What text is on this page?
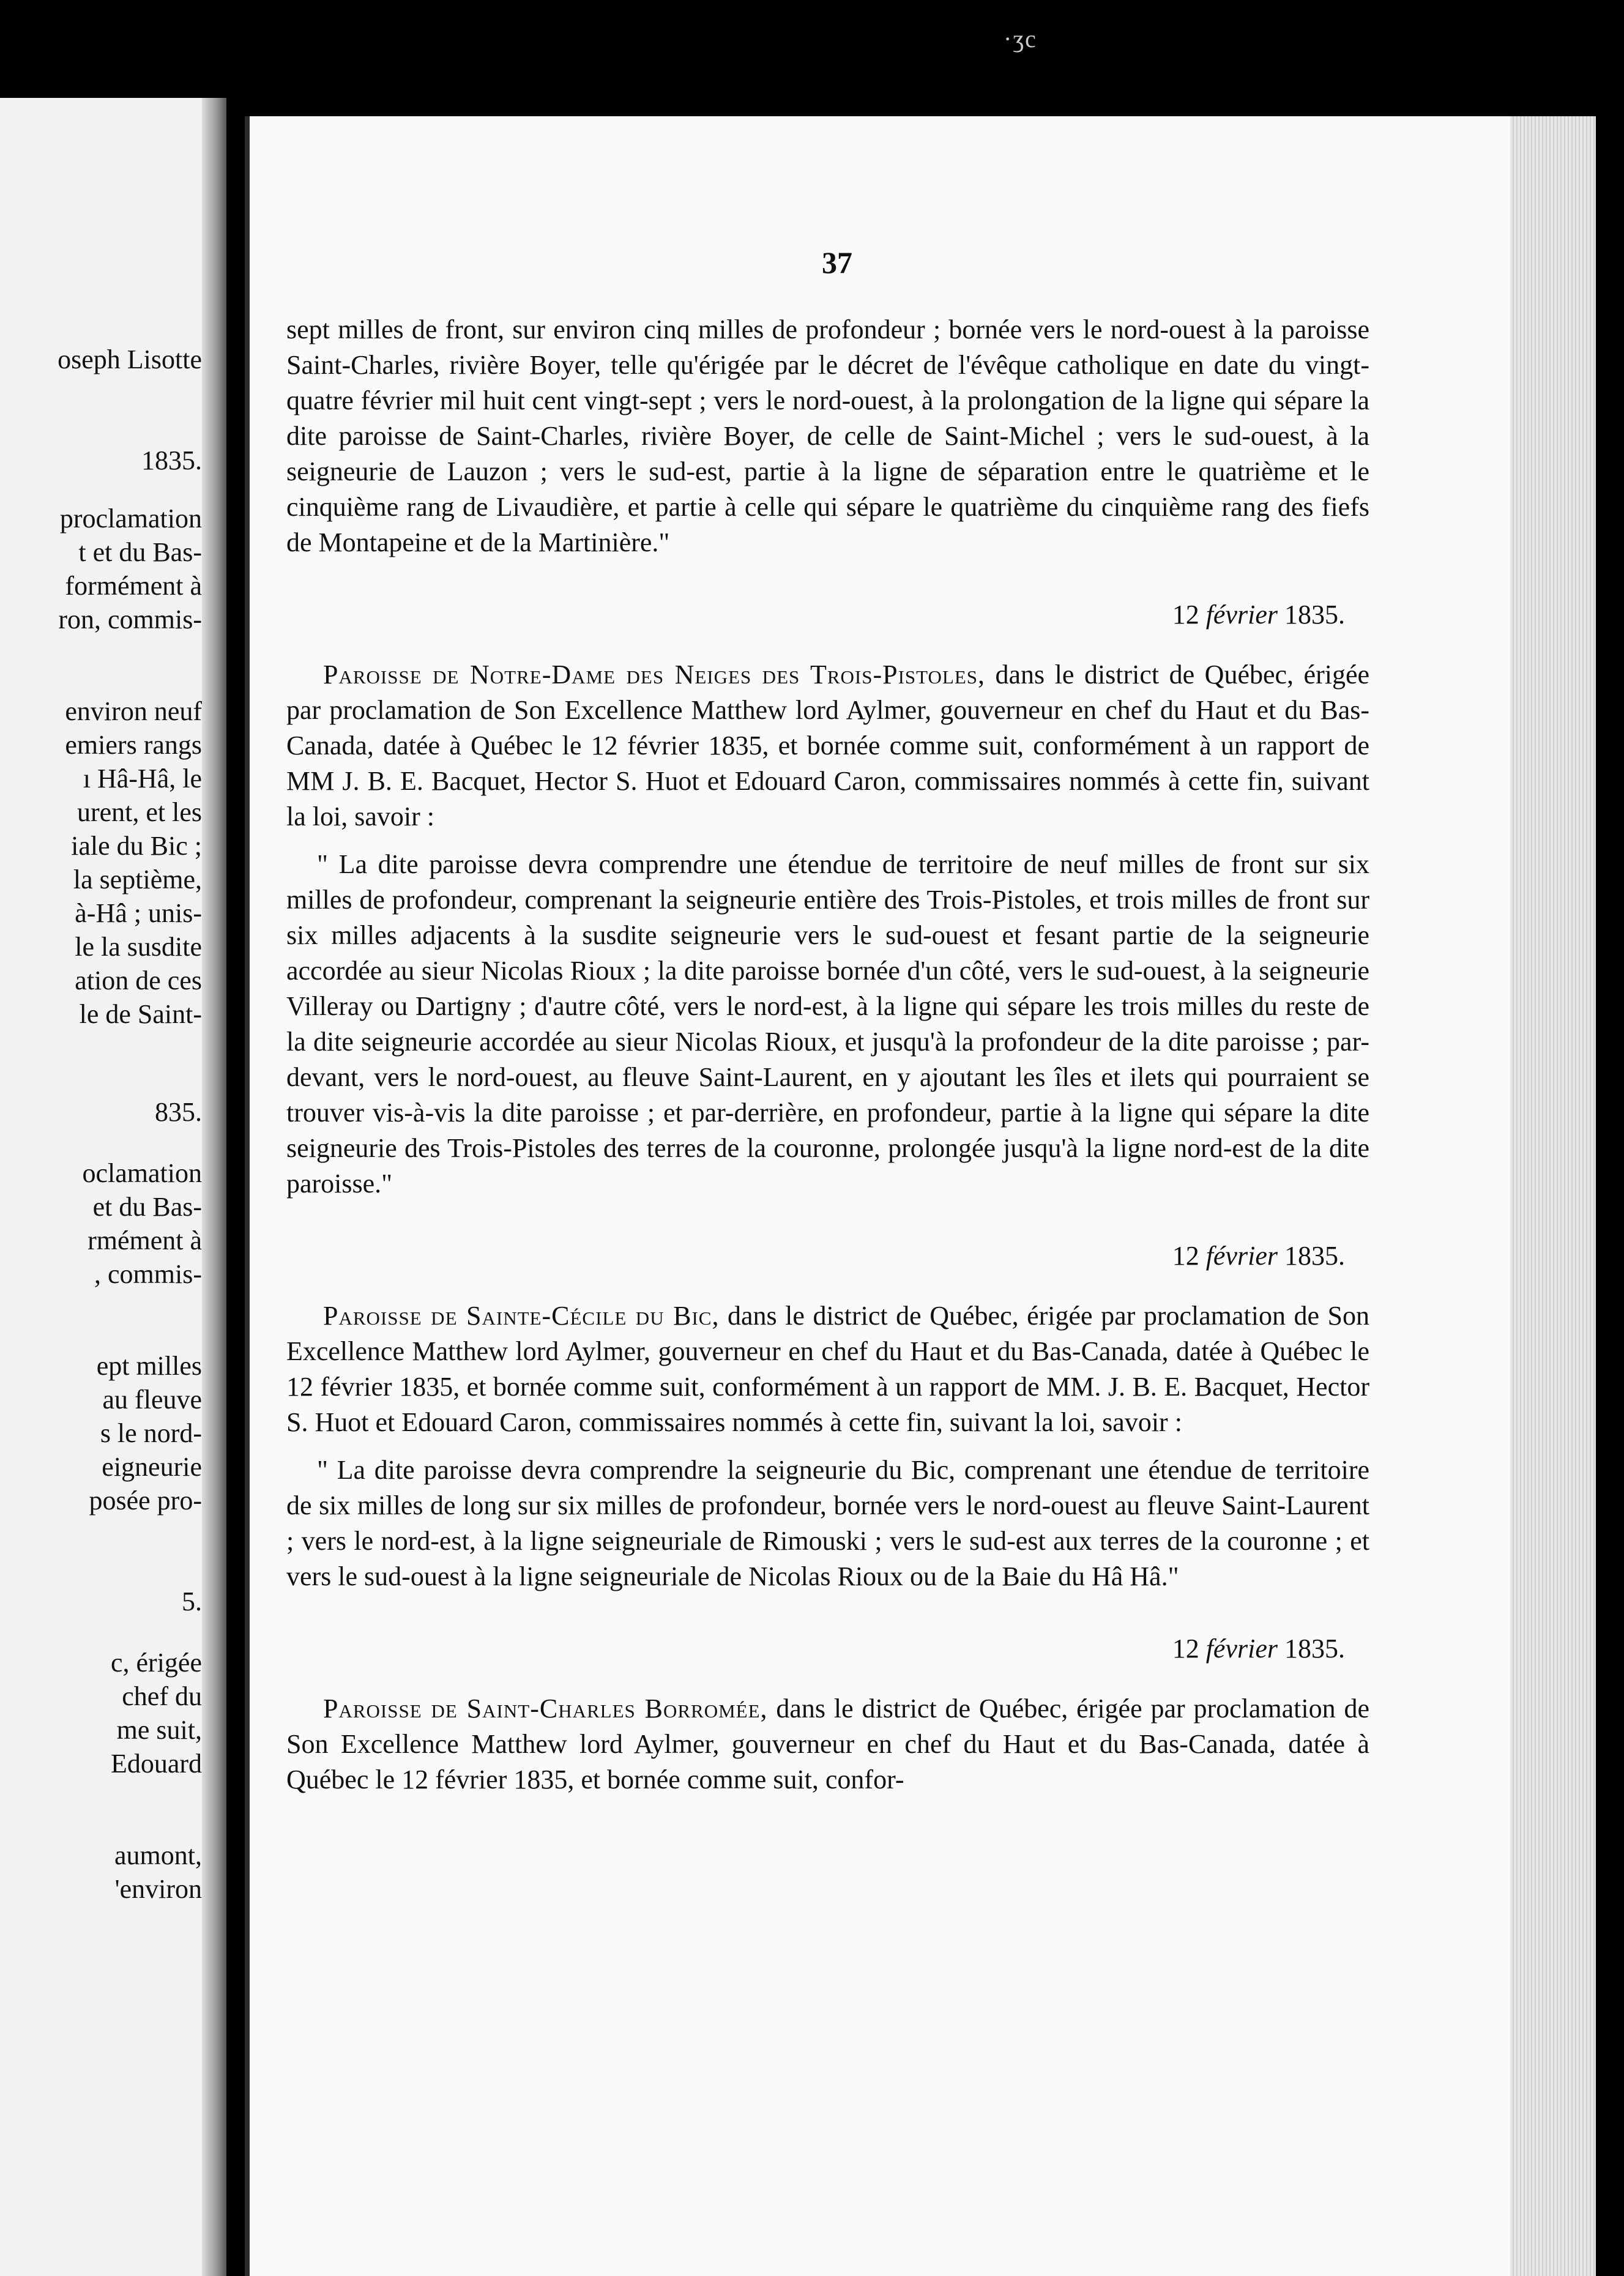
·ʒc
oseph Lisotte
1835.
proclamation
t et du Bas-
formément à
ron, commis-
environ neuf
emiers rangs
ı Hâ-Hâ, le
urent, et les
iale du Bic ;
la septième,
à-Hâ ; unis-
le la susdite
ation de ces
le de Saint-
835.
oclamation
et du Bas-
rmément à
, commis-
ept milles
au fleuve
s le nord-
eigneurie
posée pro-
5.
c, érigée
chef du
me suit,
Edouard
aumont,
'environ
37

sept milles de front, sur environ cinq milles de profondeur ; bornée vers le nord-ouest à la paroisse Saint-Charles, rivière Boyer, telle qu'érigée par le décret de l'évêque catholique en date du vingt-quatre février mil huit cent vingt-sept ; vers le nord-ouest, à la prolongation de la ligne qui sépare la dite paroisse de Saint-Charles, rivière Boyer, de celle de Saint-Michel ; vers le sud-ouest, à la seigneurie de Lauzon ; vers le sud-est, partie à la ligne de séparation entre le quatrième et le cinquième rang de Livaudière, et partie à celle qui sépare le quatrième du cinquième rang des fiefs de Montapeine et de la Martinière."

12 février 1835.

Paroisse de Notre-Dame des Neiges des Trois-Pistoles, dans le district de Québec, érigée par proclamation de Son Excellence Matthew lord Aylmer, gouverneur en chef du Haut et du Bas-Canada, datée à Québec le 12 février 1835, et bornée comme suit, conformément à un rapport de MM J. B. E. Bacquet, Hector S. Huot et Edouard Caron, commissaires nommés à cette fin, suivant la loi, savoir :

" La dite paroisse devra comprendre une étendue de territoire de neuf milles de front sur six milles de profondeur, comprenant la seigneurie entière des Trois-Pistoles, et trois milles de front sur six milles adjacents à la susdite seigneurie vers le sud-ouest et fesant partie de la seigneurie accordée au sieur Nicolas Rioux ; la dite paroisse bornée d'un côté, vers le sud-ouest, à la seigneurie Villeray ou Dartigny ; d'autre côté, vers le nord-est, à la ligne qui sépare les trois milles du reste de la dite seigneurie accordée au sieur Nicolas Rioux, et jusqu'à la profondeur de la dite paroisse ; par-devant, vers le nord-ouest, au fleuve Saint-Laurent, en y ajoutant les îles et ilets qui pourraient se trouver vis-à-vis la dite paroisse ; et par-derrière, en profondeur, partie à la ligne qui sépare la dite seigneurie des Trois-Pistoles des terres de la couronne, prolongée jusqu'à la ligne nord-est de la dite paroisse."

12 février 1835.

Paroisse de Sainte-Cécile du Bic, dans le district de Québec, érigée par proclamation de Son Excellence Matthew lord Aylmer, gouverneur en chef du Haut et du Bas-Canada, datée à Québec le 12 février 1835, et bornée comme suit, conformément à un rapport de MM. J. B. E. Bacquet, Hector S. Huot et Edouard Caron, commissaires nommés à cette fin, suivant la loi, savoir :

" La dite paroisse devra comprendre la seigneurie du Bic, comprenant une étendue de territoire de six milles de long sur six milles de profondeur, bornée vers le nord-ouest au fleuve Saint-Laurent ; vers le nord-est, à la ligne seigneuriale de Rimouski ; vers le sud-est aux terres de la couronne ; et vers le sud-ouest à la ligne seigneuriale de Nicolas Rioux ou de la Baie du Hâ Hâ."

12 février 1835.

Paroisse de Saint-Charles Borromée, dans le district de Québec, érigée par proclamation de Son Excellence Matthew lord Aylmer, gouverneur en chef du Haut et du Bas-Canada, datée à Québec le 12 février 1835, et bornée comme suit, confor-
